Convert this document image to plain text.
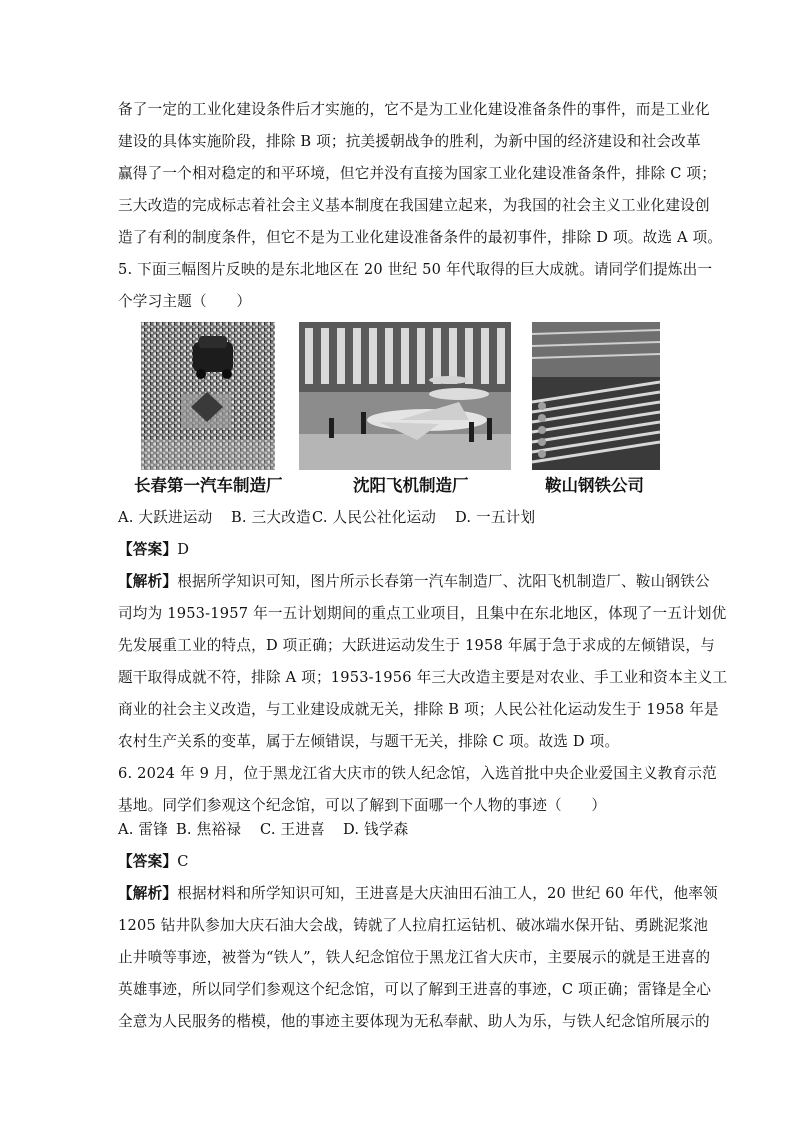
备了一定的工业化建设条件后才实施的，它不是为工业化建设准备条件的事件，而是工业化
建设的具体实施阶段，排除 B 项；抗美援朝战争的胜利，为新中国的经济建设和社会改革
赢得了一个相对稳定的和平环境，但它并没有直接为国家工业化建设准备条件，排除 C 项；
三大改造的完成标志着社会主义基本制度在我国建立起来，为我国的社会主义工业化建设创
造了有利的制度条件，但它不是为工业化建设准备条件的最初事件，排除 D 项。故选 A 项。
5. 下面三幅图片反映的是东北地区在 20 世纪 50 年代取得的巨大成就。请同学们提炼出一
个学习主题（　　）
长春第一汽车制造厂	沈阳飞机制造厂	鞍山钢铁公司
A. 大跃进运动 B. 三大改造 C. 人民公社化运动 D. 一五计划
【答案】D
【解析】根据所学知识可知，图片所示长春第一汽车制造厂、沈阳飞机制造厂、鞍山钢铁公
司均为 1953-1957 年一五计划期间的重点工业项目，且集中在东北地区，体现了一五计划优
先发展重工业的特点，D 项正确；大跃进运动发生于 1958 年属于急于求成的左倾错误，与
题干取得成就不符，排除 A 项；1953-1956 年三大改造主要是对农业、手工业和资本主义工
商业的社会主义改造，与工业建设成就无关，排除 B 项；人民公社化运动发生于 1958 年是
农村生产关系的变革，属于左倾错误，与题干无关，排除 C 项。故选 D 项。
6. 2024 年 9 月，位于黑龙江省大庆市的铁人纪念馆，入选首批中央企业爱国主义教育示范
基地。同学们参观这个纪念馆，可以了解到下面哪一个人物的事迹（　　）
A. 雷锋 B. 焦裕禄 C. 王进喜 D. 钱学森
【答案】C
【解析】根据材料和所学知识可知，王进喜是大庆油田石油工人，20 世纪 60 年代，他率领
1205 钻井队参加大庆石油大会战，铸就了人拉肩扛运钻机、破冰端水保开钻、勇跳泥浆池
止井喷等事迹，被誉为“铁人”，铁人纪念馆位于黑龙江省大庆市，主要展示的就是王进喜的
英雄事迹，所以同学们参观这个纪念馆，可以了解到王进喜的事迹，C 项正确；雷锋是全心
全意为人民服务的楷模，他的事迹主要体现为无私奉献、助人为乐，与铁人纪念馆所展示的
